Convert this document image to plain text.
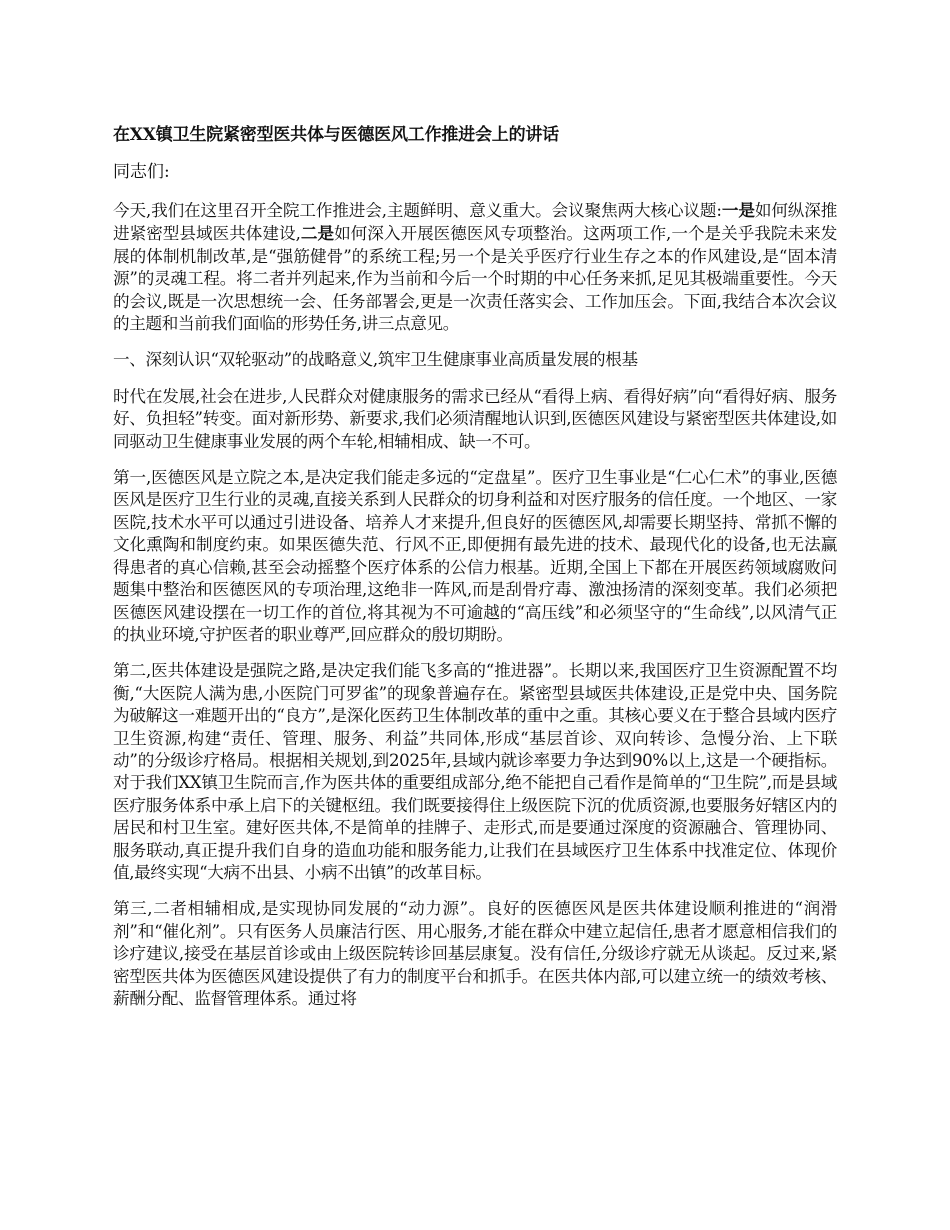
在XX镇卫生院紧密型医共体与医德医风工作推进会上的讲话
同志们:
今天,我们在这里召开全院工作推进会,主题鲜明、意义重大。会议聚焦两大核心议题:一是如何纵深推进紧密型县域医共体建设,二是如何深入开展医德医风专项整治。这两项工作,一个是关乎我院未来发展的体制机制改革,是“强筋健骨”的系统工程;另一个是关乎医疗行业生存之本的作风建设,是“固本清源”的灵魂工程。将二者并列起来,作为当前和今后一个时期的中心任务来抓,足见其极端重要性。今天的会议,既是一次思想统一会、任务部署会,更是一次责任落实会、工作加压会。下面,我结合本次会议的主题和当前我们面临的形势任务,讲三点意见。
一、深刻认识“双轮驱动”的战略意义,筑牢卫生健康事业高质量发展的根基
时代在发展,社会在进步,人民群众对健康服务的需求已经从“看得上病、看得好病”向“看得好病、服务好、负担轻”转变。面对新形势、新要求,我们必须清醒地认识到,医德医风建设与紧密型医共体建设,如同驱动卫生健康事业发展的两个车轮,相辅相成、缺一不可。
第一,医德医风是立院之本,是决定我们能走多远的“定盘星”。医疗卫生事业是“仁心仁术”的事业,医德医风是医疗卫生行业的灵魂,直接关系到人民群众的切身利益和对医疗服务的信任度。一个地区、一家医院,技术水平可以通过引进设备、培养人才来提升,但良好的医德医风,却需要长期坚持、常抓不懈的文化熏陶和制度约束。如果医德失范、行风不正,即便拥有最先进的技术、最现代化的设备,也无法赢得患者的真心信赖,甚至会动摇整个医疗体系的公信力根基。近期,全国上下都在开展医药领域腐败问题集中整治和医德医风的专项治理,这绝非一阵风,而是刮骨疗毒、激浊扬清的深刻变革。我们必须把医德医风建设摆在一切工作的首位,将其视为不可逾越的“高压线”和必须坚守的“生命线”,以风清气正的执业环境,守护医者的职业尊严,回应群众的殷切期盼。
第二,医共体建设是强院之路,是决定我们能飞多高的“推进器”。长期以来,我国医疗卫生资源配置不均衡,“大医院人满为患,小医院门可罗雀”的现象普遍存在。紧密型县域医共体建设,正是党中央、国务院为破解这一难题开出的“良方”,是深化医药卫生体制改革的重中之重。其核心要义在于整合县域内医疗卫生资源,构建“责任、管理、服务、利益”共同体,形成“基层首诊、双向转诊、急慢分治、上下联动”的分级诊疗格局。根据相关规划,到2025年,县域内就诊率要力争达到90%以上,这是一个硬指标。对于我们XX镇卫生院而言,作为医共体的重要组成部分,绝不能把自己看作是简单的“卫生院”,而是县域医疗服务体系中承上启下的关键枢纽。我们既要接得住上级医院下沉的优质资源,也要服务好辖区内的居民和村卫生室。建好医共体,不是简单的挂牌子、走形式,而是要通过深度的资源融合、管理协同、服务联动,真正提升我们自身的造血功能和服务能力,让我们在县域医疗卫生体系中找准定位、体现价值,最终实现“大病不出县、小病不出镇”的改革目标。
第三,二者相辅相成,是实现协同发展的“动力源”。良好的医德医风是医共体建设顺利推进的“润滑剂”和“催化剂”。只有医务人员廉洁行医、用心服务,才能在群众中建立起信任,患者才愿意相信我们的诊疗建议,接受在基层首诊或由上级医院转诊回基层康复。没有信任,分级诊疗就无从谈起。反过来,紧密型医共体为医德医风建设提供了有力的制度平台和抓手。在医共体内部,可以建立统一的绩效考核、薪酬分配、监督管理体系。通过将
